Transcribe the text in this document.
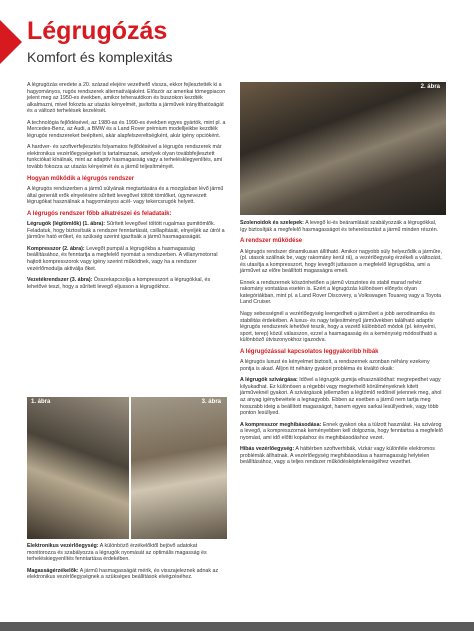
Légrugózás
Komfort és komplexitás

A légrugózás eredete a 20. század elejére vezethető vissza, ekkor fejlesztették ki a hagyományos, rugós rendszerek alternatívájaként. Először az amerikai tömegpiacon jelent meg az 1950-es években, amikor teherautókon és buszokon kezdték alkalmazni, mivel fokozta az utazás kényelmét, javította a járművek irányíthatóságát és a változó terhelések kezelését.

A technológia fejlődésével, az 1980-as és 1990-es években egyes gyártók, mint pl. a Mercedes-Benz, az Audi, a BMW és a Land Rover prémium modelljeikbe kezdték légrugós rendszereket beépíteni, akár alapfelszereltségként, akár igény opcióként.

A hardver- és szoftverfejlesztés folyamatos fejlődésével a légrugós rendszerek már elektronikus vezérlőegységeket is tartalmaznak, amelyek olyan továbbfejlesztett funkciókat kínálnak, mint az adaptív hasmagasság vagy a terhelésklegyenlítés, ami tovább fokozza az utazás kényelmét és a jármű teljesítményét.

Hogyan működik a légrugós rendszer

A légrugós rendszerben a jármű súlyának megtartására és a mozgásban lévő jármű által generált erők elnyelésére sűrített levegővel töltött tömlőket, úgynevezett légrugókat használnak a hagyományos acél- vagy tekercsrugók helyett.

A légrugós rendszer főbb alkatrészei és feladataik:

Légrugók (légtömlők) (1. ábra): Sűrített levegővel töltött rugalmas gumitömlők. Feladatuk, hogy biztosítsák a rendszer fenntartását, csillapítását, elnyeljék az útról a járműre ható erőket, és szükség szerint igazítsák a jármű hasmagasságát.

Kompresszor (2. ábra): Levegőt pumpál a légrugókba a hasmagasság beállításához, és fenntartja a megfelelő nyomást a rendszerben. A villanymotorral hajtott kompresszorok vagy igény szerint működnek, vagy ha a rendszer vezérlőmodulja aktiválja őket.

Vezetékrendszer (3. ábra): Összekapcsolja a kompresszort a légrugókkal, és lehetővé teszi, hogy a sűrített levegő eljusson a légrugókhoz.

1. ábra	3. ábra

Elektronikus vezérlőegység: A különböző érzékelőktől bejövő adatokat monitorozza és szabályozza a légrugók nyomását az optimális magasság és terheléskiegyenlítés fenntartása érdekében.

Magasságérzékelők: A jármű hasmagasságát mérik, és visszajeleznek adnak az elektronikus vezérlőegységnek a szükséges beállítások elvégzéséhez.

2. ábra

Szolenoidok és szelepek: A levegő ki-és beáramlását szabályozzák a légrugókkal, így biztosítják a megfelelő hasmagasságot és teherelosztást a jármű minden részén.

A rendszer működése

A légrugós rendszer dinamikusan állítható. Amikor nagyobb súly helyeződik a járműre, (pl. utasok szállnak be, vagy rakomány kerül rá), a vezérlőegység érzékeli a változást, és utasítja a kompresszort, hogy levegőt juttasson a megfelelő légrugókba, ami a járművet az előre beállított magasságra emeli.

Ennek a rendszernek köszönhetően a jármű vízszintes és stabil marad nehéz rakomány vontatása esetén is. Ezért a légrugózás különösen előnyös olyan kategóriákban, mint pl. a Land Rover Discovery, a Volkswagen Touareg vagy a Toyota Land Cruiser.

Nagy sebességnél a vezérlőegység leengedheti a járművet a jobb aerodinamika és stabilitás érdekében. A luxus- és nagy teljesítményű járművekben található adaptív légrugós rendszerek lehetővé teszik, hogy a vezető különböző módok (pl. kényelmi, sport, terep) közül válasszon, ezzel a hasmagasság és a keménység módosítható a különböző útviszonyokhoz igazodva.

A légrugózással kapcsolatos leggyakoribb hibák

A légrugós luxust és kényelmet biztosít, a rendszernek azonban néhány ezekeny pontja is akad. Álljon itt néhány gyakori probléma és kiváltó okaik:

A légrugók szivárgása: Idővel a légrugók gumija elhasználódhat: megrepedhet vagy kilyukadhat. Ez különösen a régebbi vagy megterhelő körülményeknek kitett járműveknél gyakori. A szivárgások jellemzően a légtömlő redőinél jelennek meg, ahol az anyag igénybevétele a legnagyobb. Ebben az esetben a jármű nem tartja meg hosszabb ideig a beállított magasságot, hanem egyes sarkai lesüllyednek, vagy több ponton lesüllyed.

A kompresszor meghibásodása: Ennek gyakori oka a túlzott használat. Ha szivárog a levegő, a kompresszornak keményebben kell dolgoznia, hogy fenntartsa a megfelelő nyomást, ami idő előtti kopáshoz és meghibásodáshoz vezet.

Hibás vezérlőegység: A háttérben szoftverhibák, vízkár vagy különféle elektromos problémák állhatnak. A vezérlőegység meghibásodása a hasmagasság helytelen beállításához, vagy a teljes rendszer működésképtelenségéhez vezethet.
